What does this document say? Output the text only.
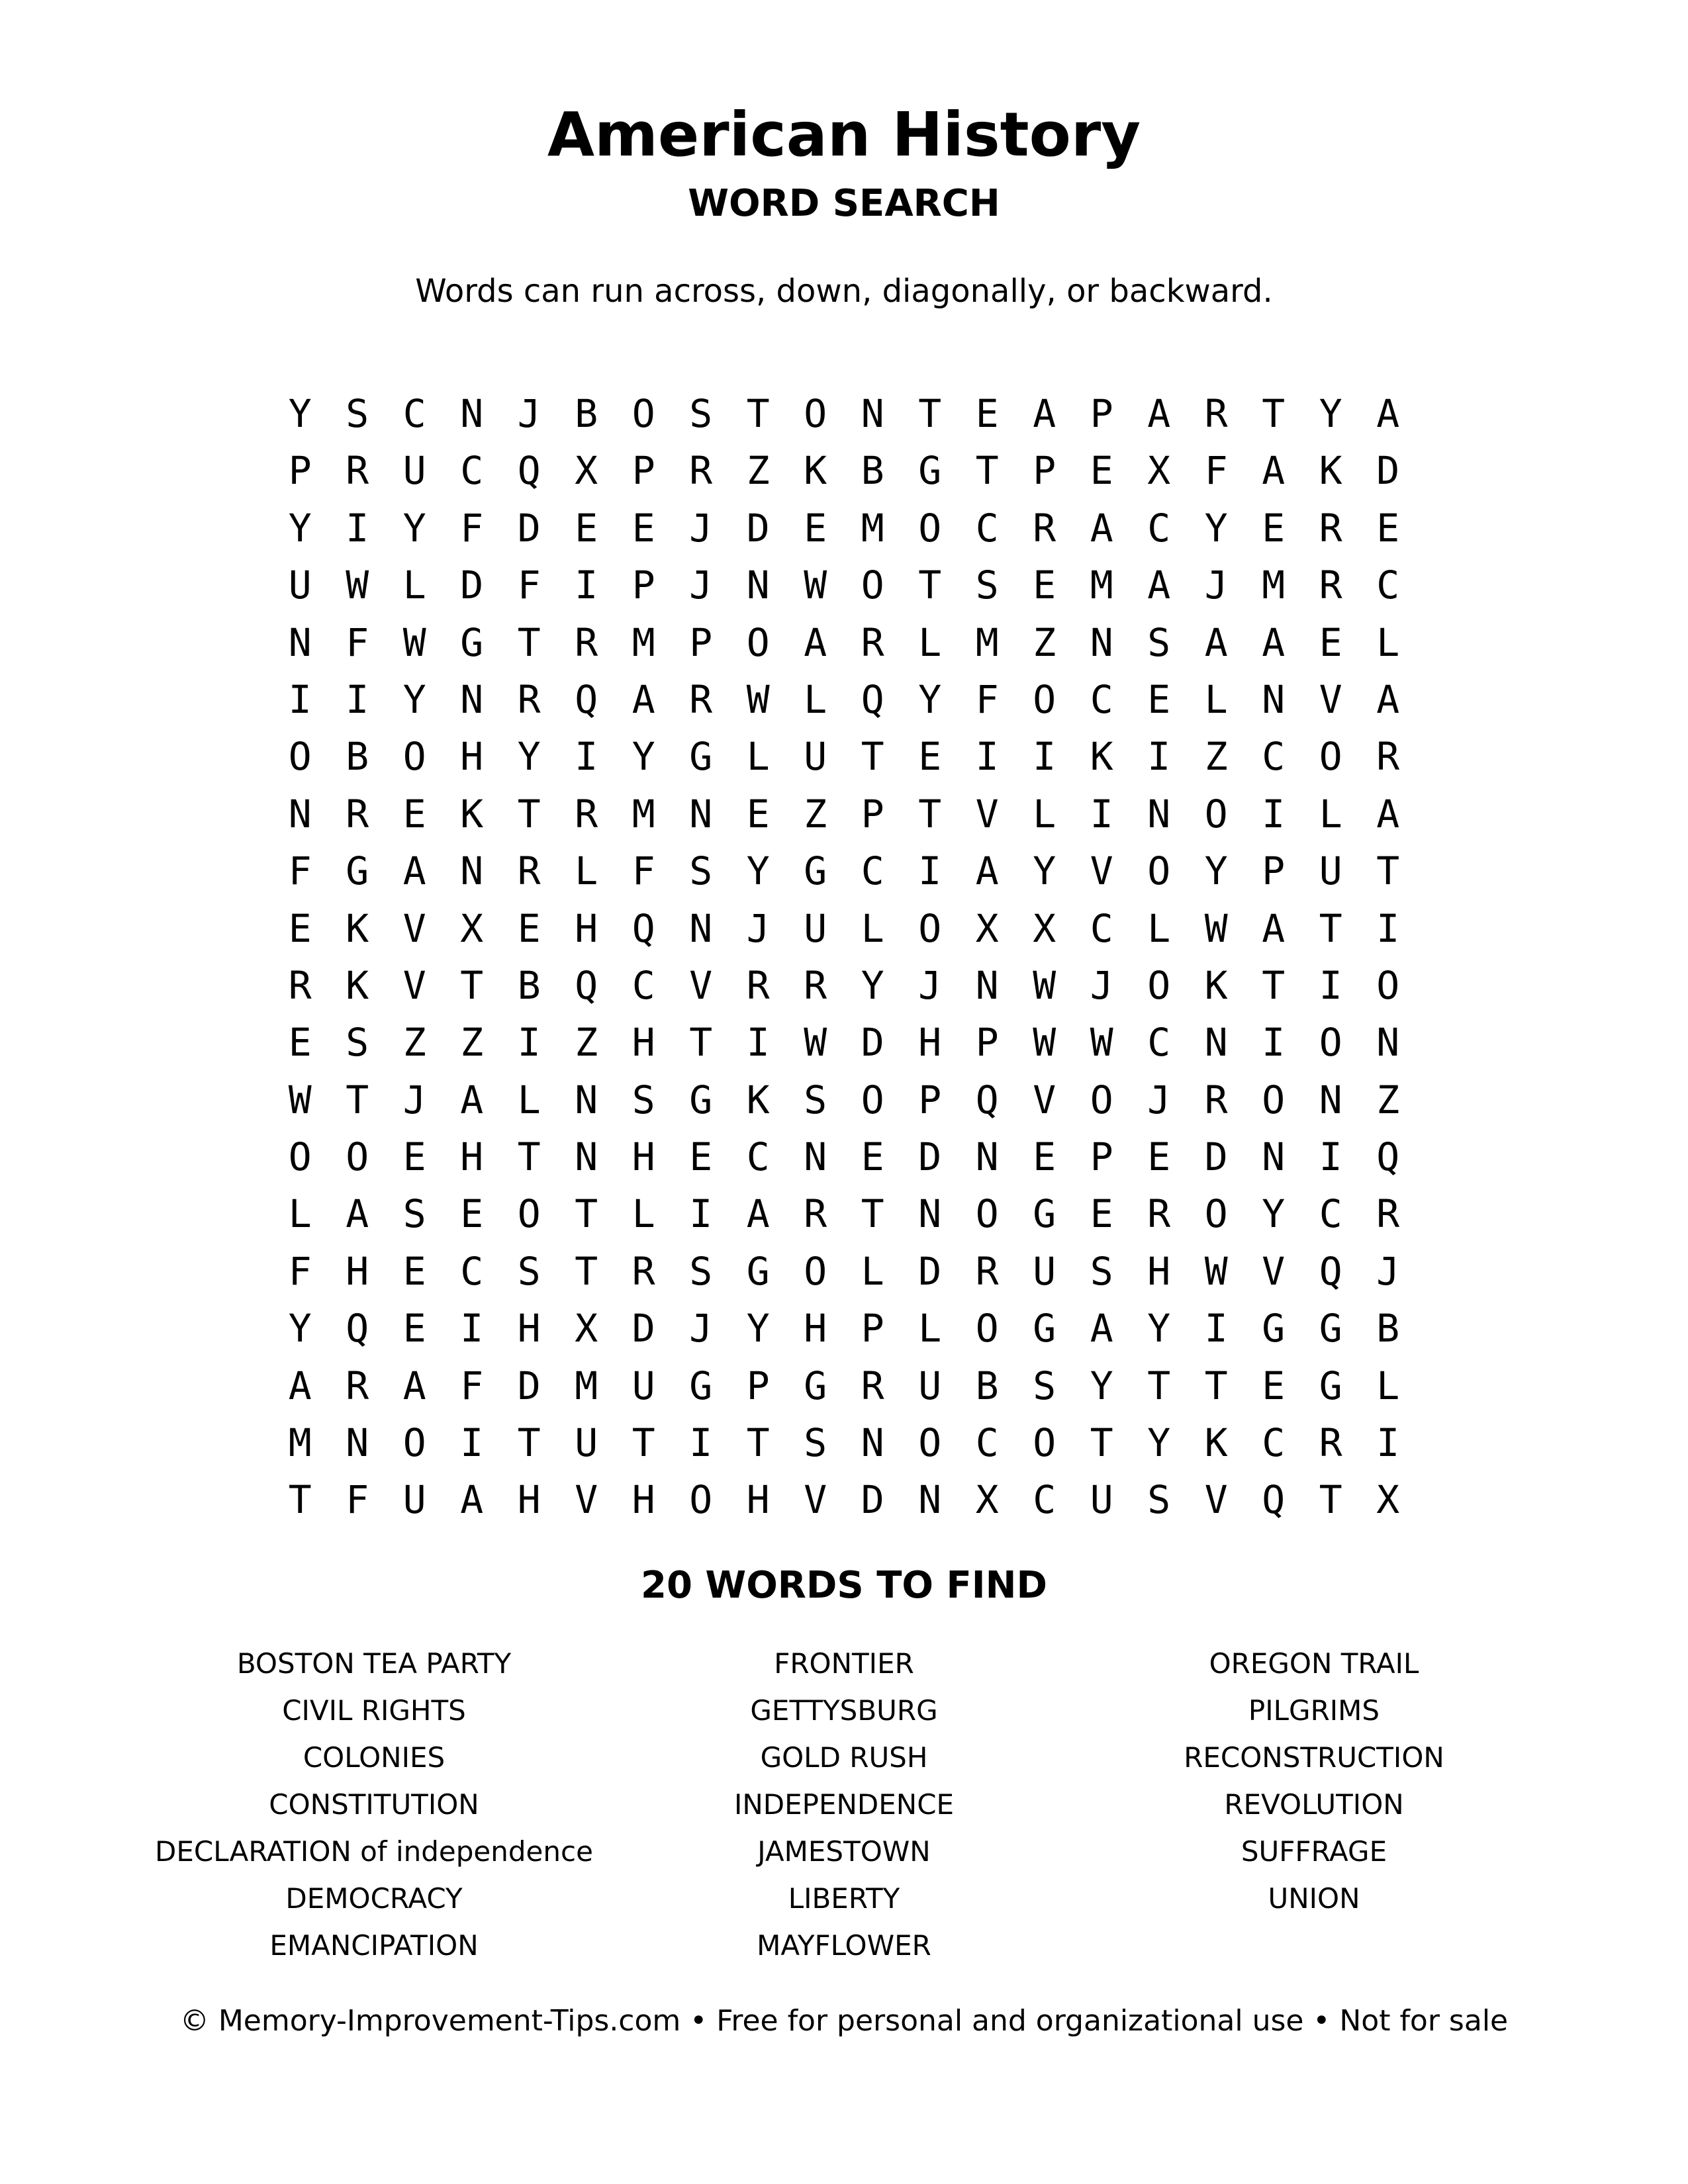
American History
WORD SEARCH
Words can run across, down, diagonally, or backward.
Y S C N J B O S T O N T E A P A R T Y A
P R U C Q X P R Z K B G T P E X F A K D
Y I Y F D E E J D E M O C R A C Y E R E
U W L D F I P J N W O T S E M A J M R C
N F W G T R M P O A R L M Z N S A A E L
I I Y N R Q A R W L Q Y F O C E L N V A
O B O H Y I Y G L U T E I I K I Z C O R
N R E K T R M N E Z P T V L I N O I L A
F G A N R L F S Y G C I A Y V O Y P U T
E K V X E H Q N J U L O X X C L W A T I
R K V T B Q C V R R Y J N W J O K T I O
E S Z Z I Z H T I W D H P W W C N I O N
W T J A L N S G K S O P Q V O J R O N Z
O O E H T N H E C N E D N E P E D N I Q
L A S E O T L I A R T N O G E R O Y C R
F H E C S T R S G O L D R U S H W V Q J
Y Q E I H X D J Y H P L O G A Y I G G B
A R A F D M U G P G R U B S Y T T E G L
M N O I T U T I T S N O C O T Y K C R I
T F U A H V H O H V D N X C U S V Q T X
20 WORDS TO FIND
BOSTON TEA PARTY
CIVIL RIGHTS
COLONIES
CONSTITUTION
DECLARATION of independence
DEMOCRACY
EMANCIPATION
FRONTIER
GETTYSBURG
GOLD RUSH
INDEPENDENCE
JAMESTOWN
LIBERTY
MAYFLOWER
OREGON TRAIL
PILGRIMS
RECONSTRUCTION
REVOLUTION
SUFFRAGE
UNION
© Memory-Improvement-Tips.com • Free for personal and organizational use • Not for sale
